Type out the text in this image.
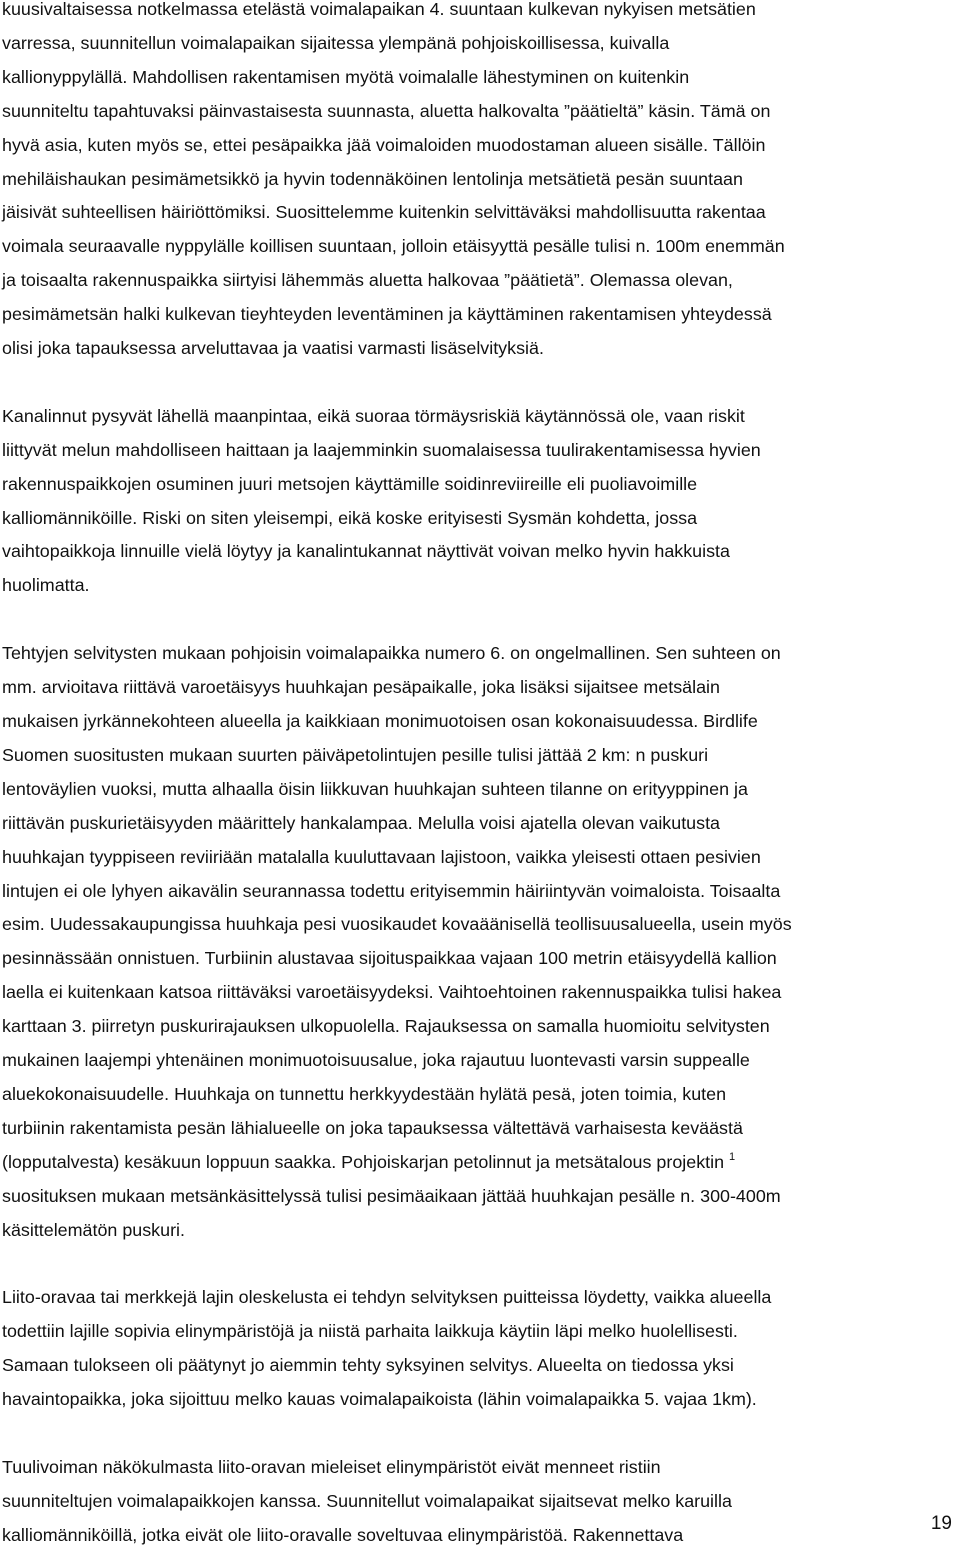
kuusivaltaisessa notkelmassa etelästä voimalapaikan 4. suuntaan kulkevan nykyisen metsätien
varressa, suunnitellun voimalapaikan sijaitessa ylempänä pohjoiskoillisessa, kuivalla
kallionyppylällä. Mahdollisen rakentamisen myötä voimalalle lähestyminen on kuitenkin
suunniteltu tapahtuvaksi päinvastaisesta suunnasta, aluetta halkovalta ”päätieltä” käsin. Tämä on
hyvä asia, kuten myös se, ettei pesäpaikka jää voimaloiden muodostaman alueen sisälle. Tällöin
mehiläishaukan pesimämetsikkö ja hyvin todennäköinen lentolinja metsätietä pesän suuntaan
jäisivät suhteellisen häiriöttömiksi. Suosittelemme kuitenkin selvittäväksi mahdollisuutta rakentaa
voimala seuraavalle nyppylälle koillisen suuntaan, jolloin etäisyyttä pesälle tulisi n. 100m enemmän
ja toisaalta rakennuspaikka siirtyisi lähemmäs aluetta halkovaa ”päätietä”. Olemassa olevan,
pesimämetsän halki kulkevan tieyhteyden leventäminen ja käyttäminen rakentamisen yhteydessä
olisi joka tapauksessa arveluttavaa ja vaatisi varmasti lisäselvityksiä.
Kanalinnut pysyvät lähellä maanpintaa, eikä suoraa törmäysriskiä käytännössä ole, vaan riskit
liittyvät melun mahdolliseen haittaan ja laajemminkin suomalaisessa tuulirakentamisessa hyvien
rakennuspaikkojen osuminen juuri metsojen käyttämille soidinreviireille eli puoliavoimille
kalliomänniköille. Riski on siten yleisempi, eikä koske erityisesti Sysmän kohdetta, jossa
vaihtopaikkoja linnuille vielä löytyy ja kanalintukannat näyttivät voivan melko hyvin hakkuista
huolimatta.
Tehtyjen selvitysten mukaan pohjoisin voimalapaikka numero 6. on ongelmallinen. Sen suhteen on
mm. arvioitava riittävä varoetäisyys huuhkajan pesäpaikalle, joka lisäksi sijaitsee metsälain
mukaisen jyrkännekohteen alueella ja kaikkiaan monimuotoisen osan kokonaisuudessa. Birdlife
Suomen suositusten mukaan suurten päiväpetolintujen pesille tulisi jättää 2 km: n puskuri
lentoväylien vuoksi, mutta alhaalla öisin liikkuvan huuhkajan suhteen tilanne on erityyppinen ja
riittävän puskurietäisyyden määrittely hankalampaa. Melulla voisi ajatella olevan vaikutusta
huuhkajan tyyppiseen reviiriään matalalla kuuluttavaan lajistoon, vaikka yleisesti ottaen pesivien
lintujen ei ole lyhyen aikavälin seurannassa todettu erityisemmin häiriintyvän voimaloista. Toisaalta
esim. Uudessakaupungissa huuhkaja pesi vuosikaudet kovaäänisellä teollisuusalueella, usein myös
pesinnässään onnistuen. Turbiinin alustavaa sijoituspaikkaa vajaan 100 metrin etäisyydellä kallion
laella ei kuitenkaan katsoa riittäväksi varoetäisyydeksi. Vaihtoehtoinen rakennuspaikka tulisi hakea
karttaan 3. piirretyn puskurirajauksen ulkopuolella. Rajauksessa on samalla huomioitu selvitysten
mukainen laajempi yhtenäinen monimuotoisuusalue, joka rajautuu luontevasti varsin suppealle
aluekokonaisuudelle. Huuhkaja on tunnettu herkkyydestään hylätä pesä, joten toimia, kuten
turbiinin rakentamista pesän lähialueelle on joka tapauksessa vältettävä varhaisesta keväästä
(lopputalvesta) kesäkuun loppuun saakka. Pohjoiskarjan petolinnut ja metsätalous projektin $^1$
suosituksen mukaan metsänkäsittelyssä tulisi pesimäaikaan jättää huuhkajan pesälle n. 300-400m
käsittelemätön puskuri.
Liito-oravaa tai merkkejä lajin oleskelusta ei tehdyn selvityksen puitteissa löydetty, vaikka alueella
todettiin lajille sopivia elinympäristöjä ja niistä parhaita laikkuja käytiin läpi melko huolellisesti.
Samaan tulokseen oli päätynyt jo aiemmin tehty syksyinen selvitys. Alueelta on tiedossa yksi
havaintopaikka, joka sijoittuu melko kauas voimalapaikoista (lähin voimalapaikka 5. vajaa 1km).
Tuulivoiman näkökulmasta liito-oravan mieleiset elinympäristöt eivät menneet ristiin
suunniteltujen voimalapaikkojen kanssa. Suunnitellut voimalapaikat sijaitsevat melko karuilla
kalliomänniköillä, jotka eivät ole liito-oravalle soveltuvaa elinympäristöä. Rakennettava
19
